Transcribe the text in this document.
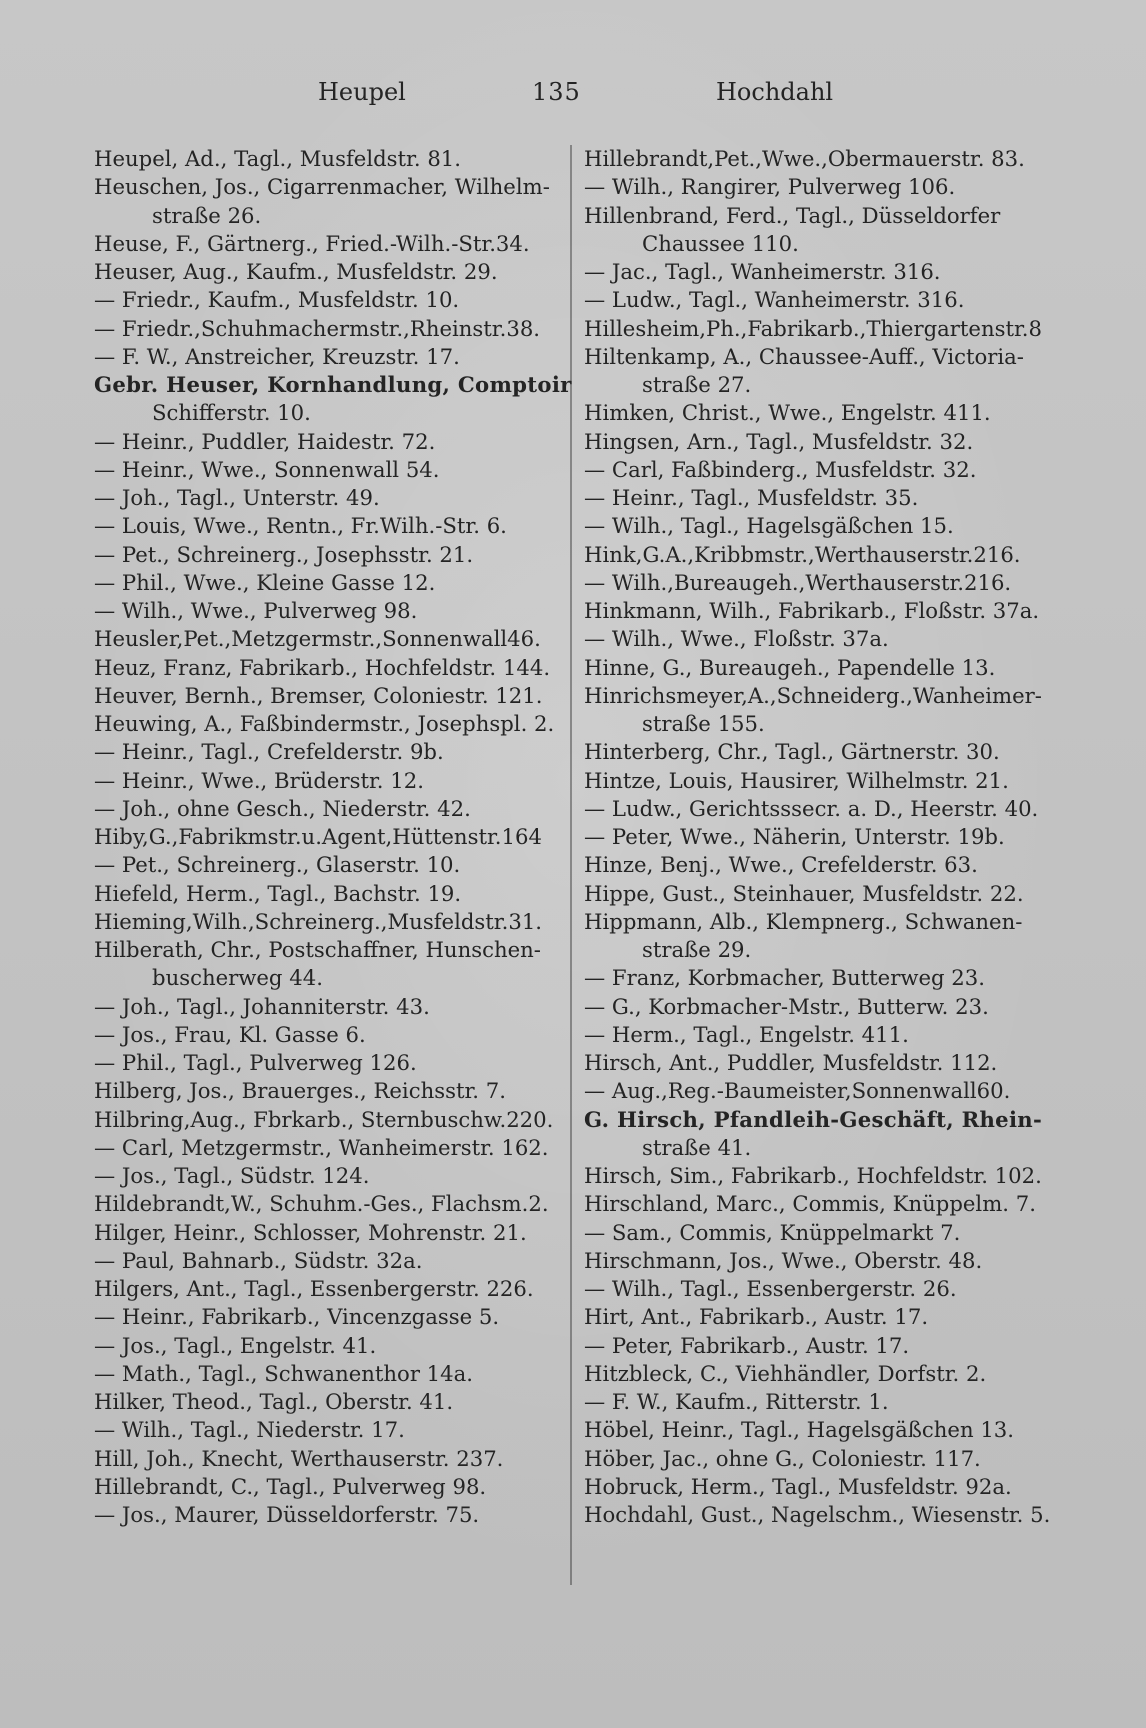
Heupel	135	Hochdahl
Heupel, Ad., Tagl., Musfeldstr. 81.
Heuschen, Jos., Cigarrenmacher, Wilhelm-
straße 26.
Heuse, F., Gärtnerg., Fried.-Wilh.-Str.34.
Heuser, Aug., Kaufm., Musfeldstr. 29.
— Friedr., Kaufm., Musfeldstr. 10.
— Friedr.,Schuhmachermstr.,Rheinstr.38.
— F. W., Anstreicher, Kreuzstr. 17.
Gebr. Heuser, Kornhandlung, Comptoir
Schifferstr. 10.
— Heinr., Puddler, Haidestr. 72.
— Heinr., Wwe., Sonnenwall 54.
— Joh., Tagl., Unterstr. 49.
— Louis, Wwe., Rentn., Fr.Wilh.-Str. 6.
— Pet., Schreinerg., Josephsstr. 21.
— Phil., Wwe., Kleine Gasse 12.
— Wilh., Wwe., Pulverweg 98.
Heusler,Pet.,Metzgermstr.,Sonnenwall46.
Heuz, Franz, Fabrikarb., Hochfeldstr. 144.
Heuver, Bernh., Bremser, Coloniestr. 121.
Heuwing, A., Faßbindermstr., Josephspl. 2.
— Heinr., Tagl., Crefelderstr. 9b.
— Heinr., Wwe., Brüderstr. 12.
— Joh., ohne Gesch., Niederstr. 42.
Hiby,G.,Fabrikmstr.u.Agent,Hüttenstr.164
— Pet., Schreinerg., Glaserstr. 10.
Hiefeld, Herm., Tagl., Bachstr. 19.
Hieming,Wilh.,Schreinerg.,Musfeldstr.31.
Hilberath, Chr., Postschaffner, Hunschen-
buscherweg 44.
— Joh., Tagl., Johanniterstr. 43.
— Jos., Frau, Kl. Gasse 6.
— Phil., Tagl., Pulverweg 126.
Hilberg, Jos., Brauerges., Reichsstr. 7.
Hilbring,Aug., Fbrkarb., Sternbuschw.220.
— Carl, Metzgermstr., Wanheimerstr. 162.
— Jos., Tagl., Südstr. 124.
Hildebrandt,W., Schuhm.-Ges., Flachsm.2.
Hilger, Heinr., Schlosser, Mohrenstr. 21.
— Paul, Bahnarb., Südstr. 32a.
Hilgers, Ant., Tagl., Essenbergerstr. 226.
— Heinr., Fabrikarb., Vincenzgasse 5.
— Jos., Tagl., Engelstr. 41.
— Math., Tagl., Schwanenthor 14a.
Hilker, Theod., Tagl., Oberstr. 41.
— Wilh., Tagl., Niederstr. 17.
Hill, Joh., Knecht, Werthauserstr. 237.
Hillebrandt, C., Tagl., Pulverweg 98.
— Jos., Maurer, Düsseldorferstr. 75.
Hillebrandt,Pet.,Wwe.,Obermauerstr. 83.
— Wilh., Rangirer, Pulverweg 106.
Hillenbrand, Ferd., Tagl., Düsseldorfer
Chaussee 110.
— Jac., Tagl., Wanheimerstr. 316.
— Ludw., Tagl., Wanheimerstr. 316.
Hillesheim,Ph.,Fabrikarb.,Thiergartenstr.8
Hiltenkamp, A., Chaussee-Auff., Victoria-
straße 27.
Himken, Christ., Wwe., Engelstr. 411.
Hingsen, Arn., Tagl., Musfeldstr. 32.
— Carl, Faßbinderg., Musfeldstr. 32.
— Heinr., Tagl., Musfeldstr. 35.
— Wilh., Tagl., Hagelsgäßchen 15.
Hink,G.A.,Kribbmstr.,Werthauserstr.216.
— Wilh.,Bureaugeh.,Werthauserstr.216.
Hinkmann, Wilh., Fabrikarb., Floßstr. 37a.
— Wilh., Wwe., Floßstr. 37a.
Hinne, G., Bureaugeh., Papendelle 13.
Hinrichsmeyer,A.,Schneiderg.,Wanheimer-
straße 155.
Hinterberg, Chr., Tagl., Gärtnerstr. 30.
Hintze, Louis, Hausirer, Wilhelmstr. 21.
— Ludw., Gerichtsssecr. a. D., Heerstr. 40.
— Peter, Wwe., Näherin, Unterstr. 19b.
Hinze, Benj., Wwe., Crefelderstr. 63.
Hippe, Gust., Steinhauer, Musfeldstr. 22.
Hippmann, Alb., Klempnerg., Schwanen-
straße 29.
— Franz, Korbmacher, Butterweg 23.
— G., Korbmacher-Mstr., Butterw. 23.
— Herm., Tagl., Engelstr. 411.
Hirsch, Ant., Puddler, Musfeldstr. 112.
— Aug.,Reg.-Baumeister,Sonnenwall60.
G. Hirsch, Pfandleih-Geschäft, Rhein-
straße 41.
Hirsch, Sim., Fabrikarb., Hochfeldstr. 102.
Hirschland, Marc., Commis, Knüppelm. 7.
— Sam., Commis, Knüppelmarkt 7.
Hirschmann, Jos., Wwe., Oberstr. 48.
— Wilh., Tagl., Essenbergerstr. 26.
Hirt, Ant., Fabrikarb., Austr. 17.
— Peter, Fabrikarb., Austr. 17.
Hitzbleck, C., Viehhändler, Dorfstr. 2.
— F. W., Kaufm., Ritterstr. 1.
Höbel, Heinr., Tagl., Hagelsgäßchen 13.
Höber, Jac., ohne G., Coloniestr. 117.
Hobruck, Herm., Tagl., Musfeldstr. 92a.
Hochdahl, Gust., Nagelschm., Wiesenstr. 5.
